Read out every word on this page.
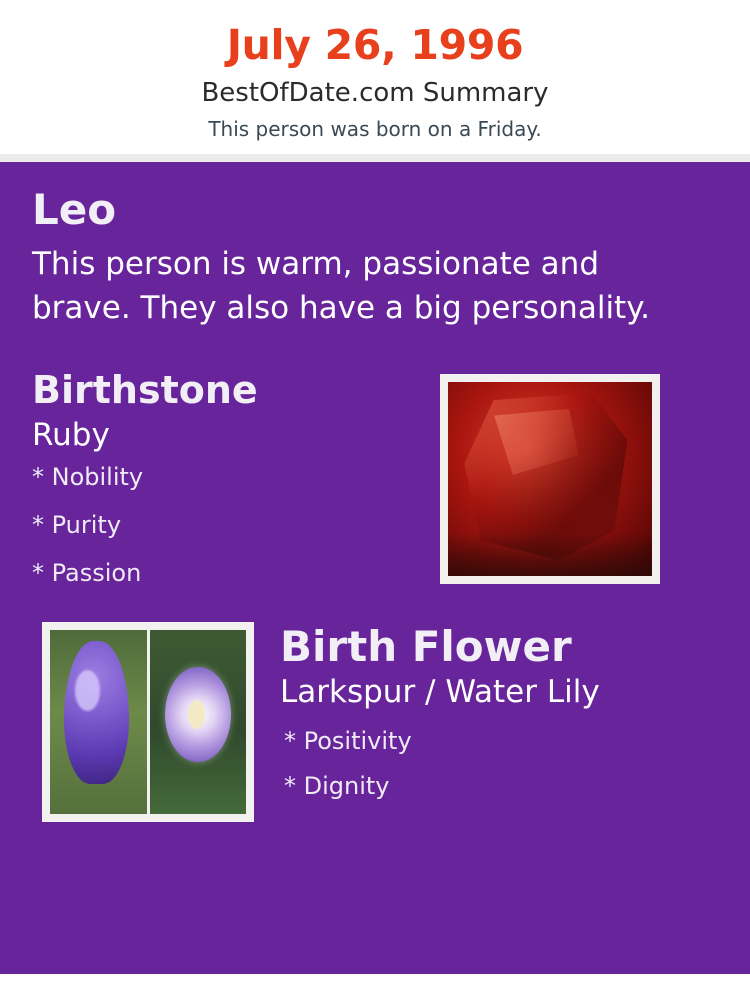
July 26, 1996
BestOfDate.com Summary
This person was born on a Friday.
Leo
This person is warm, passionate and brave. They also have a big personality.
Birthstone
Ruby
* Nobility
* Purity
* Passion
Birth Flower
Larkspur / Water Lily
* Positivity
* Dignity
